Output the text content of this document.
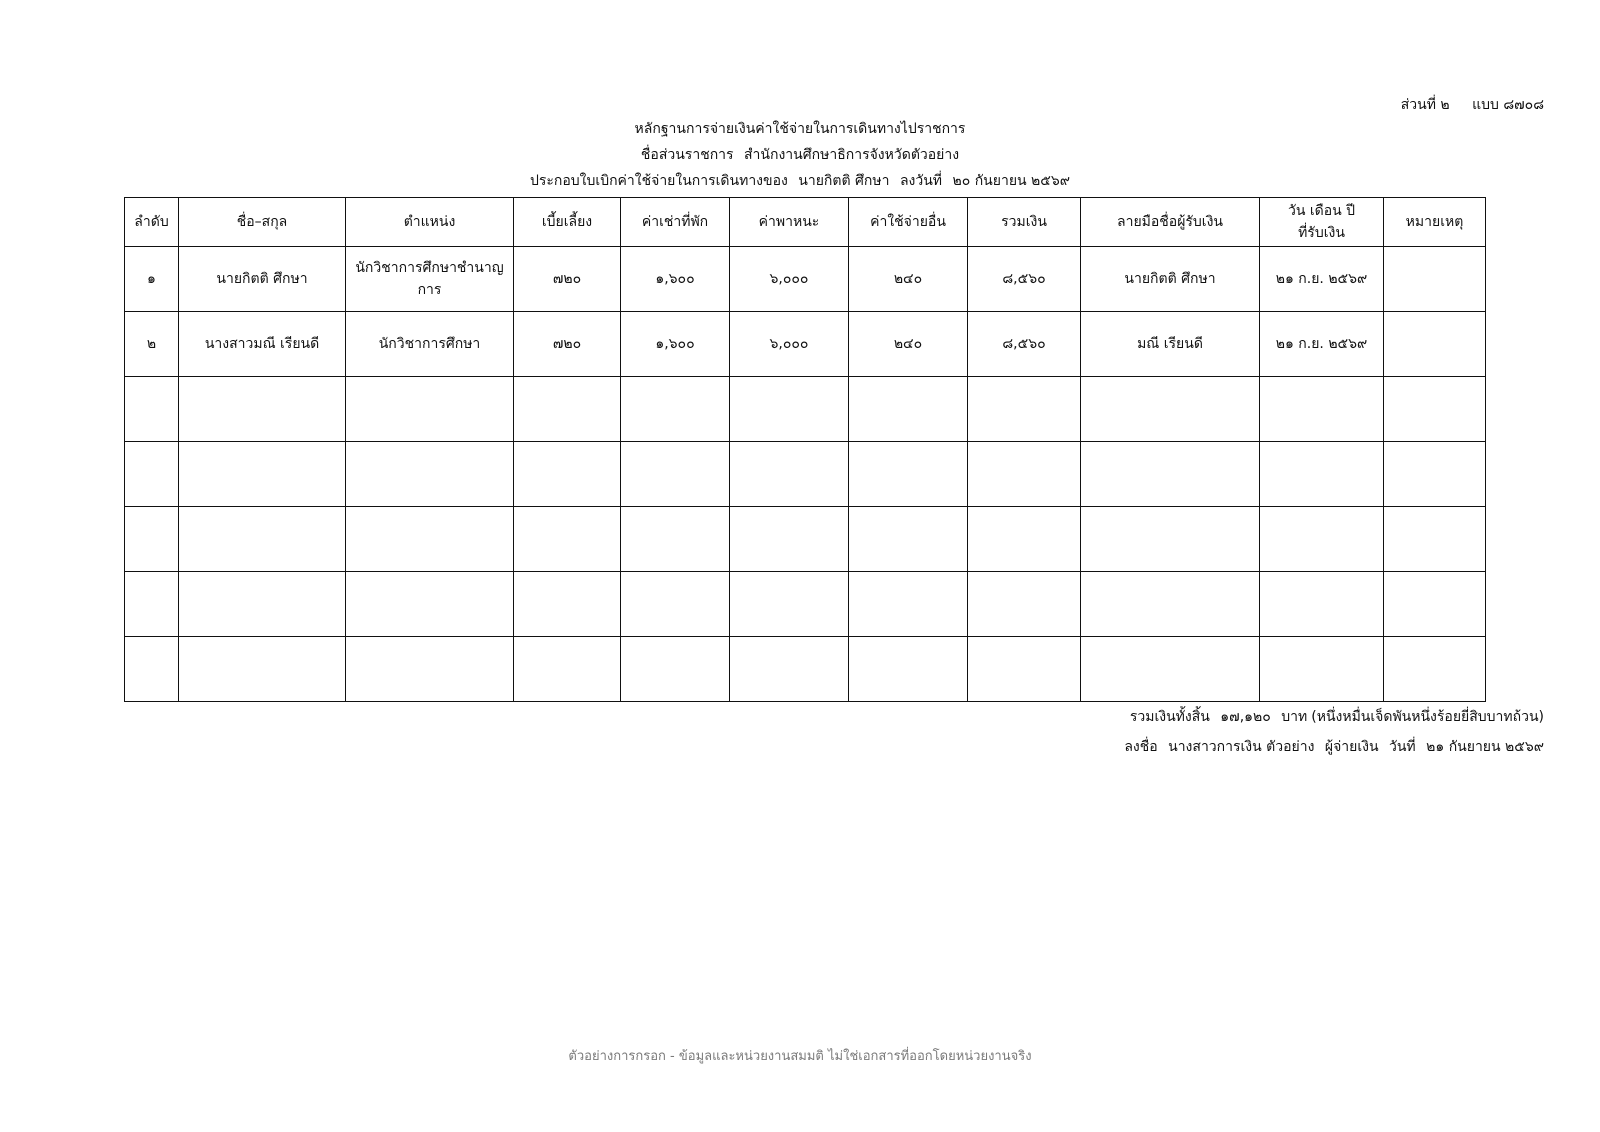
ส่วนที่ ๒ แบบ ๘๗๐๘
หลักฐานการจ่ายเงินค่าใช้จ่ายในการเดินทางไปราชการ
ชื่อส่วนราชการ สำนักงานศึกษาธิการจังหวัดตัวอย่าง
ประกอบใบเบิกค่าใช้จ่ายในการเดินทางของ นายกิตติ ศึกษา ลงวันที่ ๒๐ กันยายน ๒๕๖๙
ลำดับ	ชื่อ–สกุล	ตำแหน่ง	เบี้ยเลี้ยง	ค่าเช่าที่พัก	ค่าพาหนะ	ค่าใช้จ่ายอื่น	รวมเงิน	ลายมือชื่อผู้รับเงิน	วัน เดือน ปี
ที่รับเงิน	หมายเหตุ
๑	นายกิตติ ศึกษา	นักวิชาการศึกษาชำนาญ
การ	๗๒๐	๑,๖๐๐	๖,๐๐๐	๒๔๐	๘,๕๖๐	นายกิตติ ศึกษา	๒๑ ก.ย. ๒๕๖๙	
๒	นางสาวมณี เรียนดี	นักวิชาการศึกษา	๗๒๐	๑,๖๐๐	๖,๐๐๐	๒๔๐	๘,๕๖๐	มณี เรียนดี	๒๑ ก.ย. ๒๕๖๙	

รวมเงินทั้งสิ้น ๑๗,๑๒๐ บาท (หนึ่งหมื่นเจ็ดพันหนึ่งร้อยยี่สิบบาทถ้วน)
ลงชื่อ นางสาวการเงิน ตัวอย่าง ผู้จ่ายเงิน วันที่ ๒๑ กันยายน ๒๕๖๙
ตัวอย่างการกรอก - ข้อมูลและหน่วยงานสมมติ ไม่ใช่เอกสารที่ออกโดยหน่วยงานจริง
